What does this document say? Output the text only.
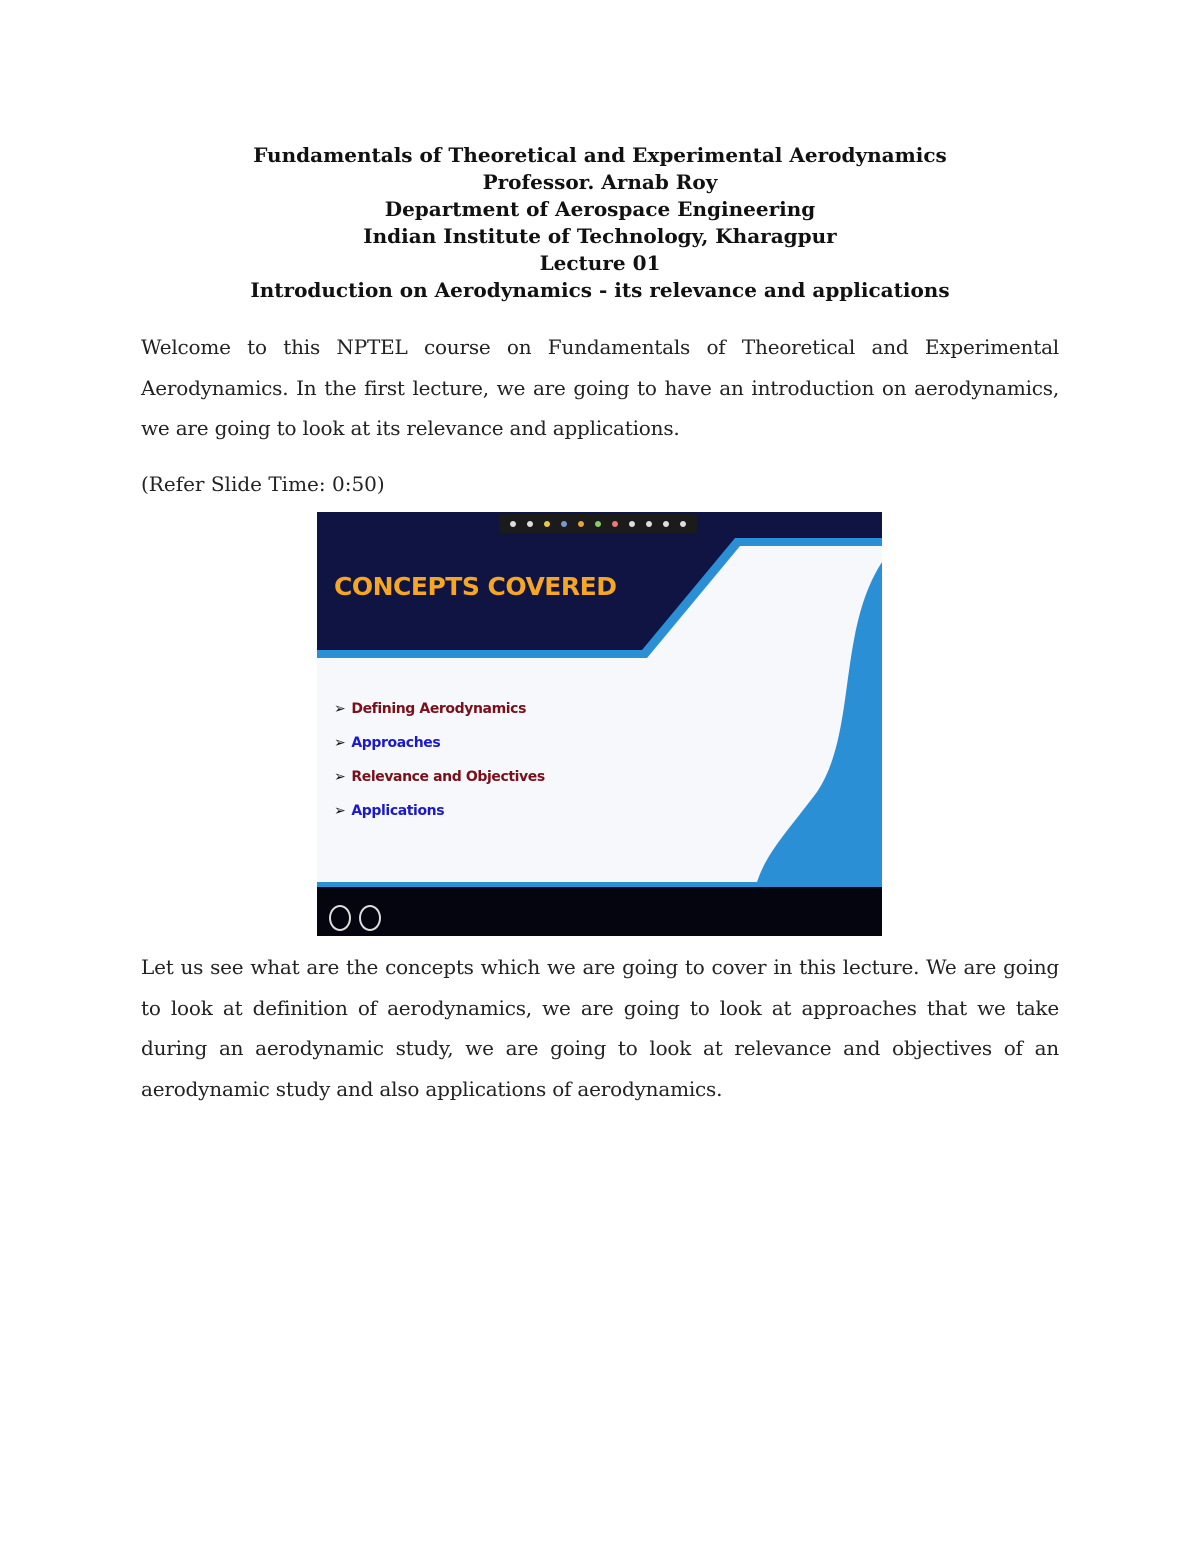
Fundamentals of Theoretical and Experimental Aerodynamics
Professor. Arnab Roy
Department of Aerospace Engineering
Indian Institute of Technology, Kharagpur
Lecture 01
Introduction on Aerodynamics - its relevance and applications
Welcome to this NPTEL course on Fundamentals of Theoretical and Experimental Aerodynamics. In the first lecture, we are going to have an introduction on aerodynamics, we are going to look at its relevance and applications.
(Refer Slide Time: 0:50)
CONCEPTS COVERED
➢ Defining Aerodynamics
➢ Approaches
➢ Relevance and Objectives
➢ Applications
Let us see what are the concepts which we are going to cover in this lecture. We are going to look at definition of aerodynamics, we are going to look at approaches that we take during an aerodynamic study, we are going to look at relevance and objectives of an aerodynamic study and also applications of aerodynamics.
